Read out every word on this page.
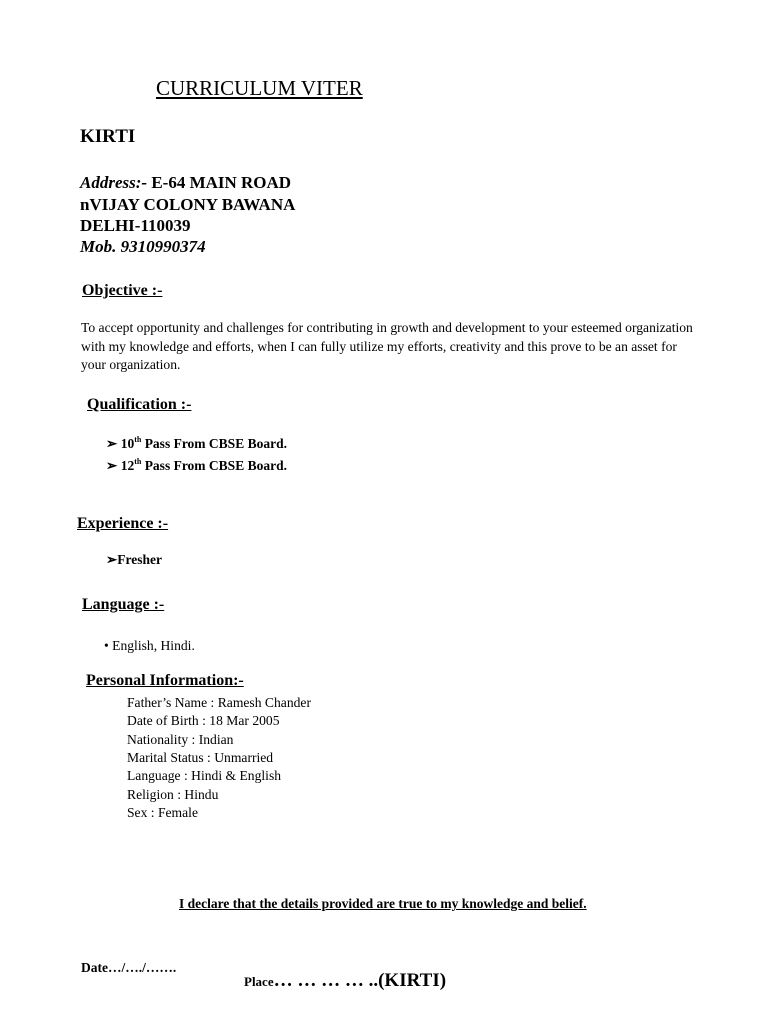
CURRICULUM VITER
KIRTI
Address:- E-64 MAIN ROAD
nVIJAY COLONY BAWANA
DELHI-110039
Mob. 9310990374
Objective :-
To accept opportunity and challenges for contributing in growth and development to your esteemed organization with my knowledge and efforts, when I can fully utilize my efforts, creativity and this prove to be an asset for your organization.
Qualification :-
➢ 10th Pass From CBSE Board.
➢ 12th Pass From CBSE Board.
Experience :-
➢Fresher
Language :-
• English, Hindi.
Personal Information:-
Father’s Name : Ramesh Chander
Date of Birth : 18 Mar 2005
Nationality : Indian
Marital Status : Unmarried
Language : Hindi & English
Religion : Hindu
Sex : Female
I declare that the details provided are true to my knowledge and belief.
Date…/…./…….
Place… … … … ..(KIRTI)
